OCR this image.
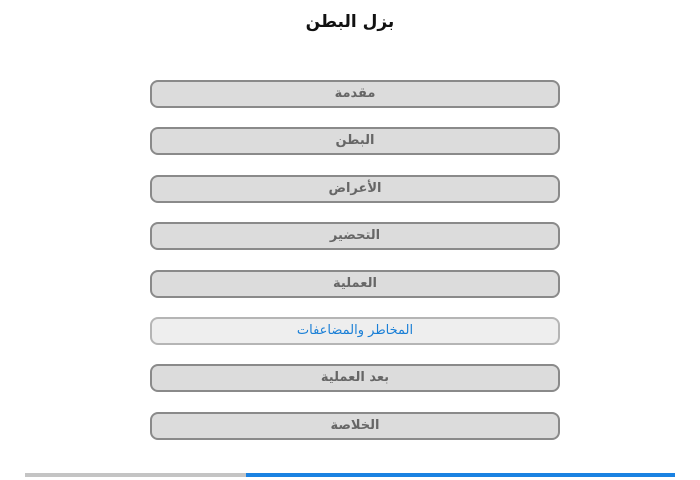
بزل البطن
مقدمة
البطن
الأعراض
التحضير
العملية
المخاطر والمضاعفات
بعد العملية
الخلاصة
